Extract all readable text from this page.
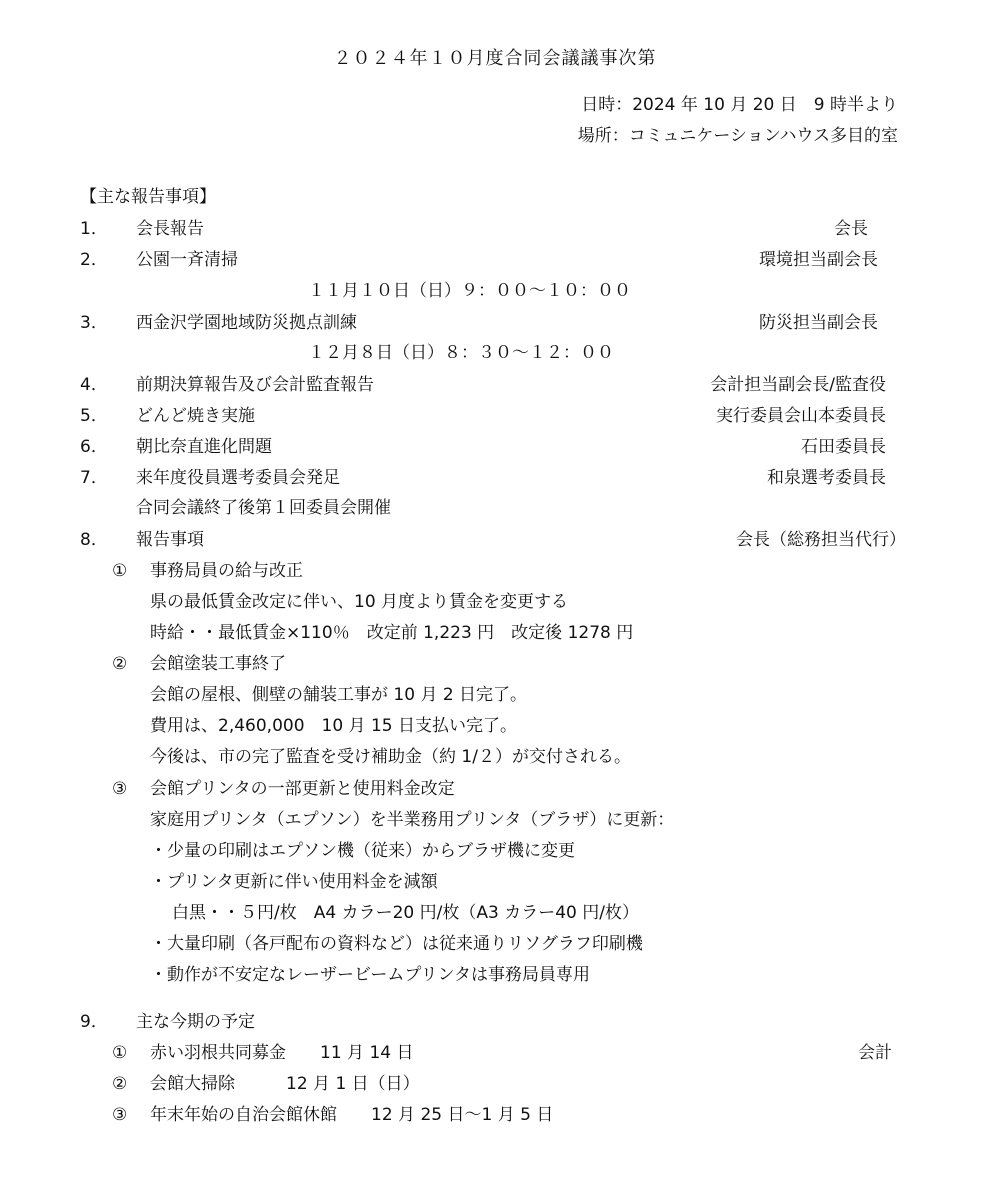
２０２４年１０月度合同会議議事次第
日時：2024 年 10 月 20 日　9 時半より
場所：コミュニケーションハウス多目的室
【主な報告事項】
1． 会長報告	会長
2． 公園一斉清掃	環境担当副会長
１１月１０日（日）９：００～１０：００
3． 西金沢学園地域防災拠点訓練	防災担当副会長
１２月８日（日）８：３０～１２：００
4． 前期決算報告及び会計監査報告	会計担当副会長/監査役
5． どんど焼き実施	実行委員会山本委員長
6． 朝比奈直進化問題	石田委員長
7． 来年度役員選考委員会発足	和泉選考委員長
合同会議終了後第１回委員会開催
8． 報告事項	会長（総務担当代行）
① 事務局員の給与改正
県の最低賃金改定に伴い、10 月度より賃金を変更する
時給・・最低賃金×110％　改定前 1,223 円　改定後 1278 円
② 会館塗装工事終了
会館の屋根、側壁の舗装工事が 10 月 2 日完了。
費用は、2,460,000　10 月 15 日支払い完了。
今後は、市の完了監査を受け補助金（約 1/２）が交付される。
③ 会館プリンタの一部更新と使用料金改定
家庭用プリンタ（エプソン）を半業務用プリンタ（ブラザ）に更新：
・少量の印刷はエプソン機（従来）からブラザ機に変更
・プリンタ更新に伴い使用料金を減額
白黒・・５円/枚　A4 カラー20 円/枚（A3 カラー40 円/枚）
・大量印刷（各戸配布の資料など）は従来通りリソグラフ印刷機
・動作が不安定なレーザービームプリンタは事務局員専用
9． 主な今期の予定
① 赤い羽根共同募金　　11 月 14 日	会計
② 会館大掃除　　　12 月 1 日（日）
③ 年末年始の自治会館休館　　12 月 25 日～1 月 5 日
